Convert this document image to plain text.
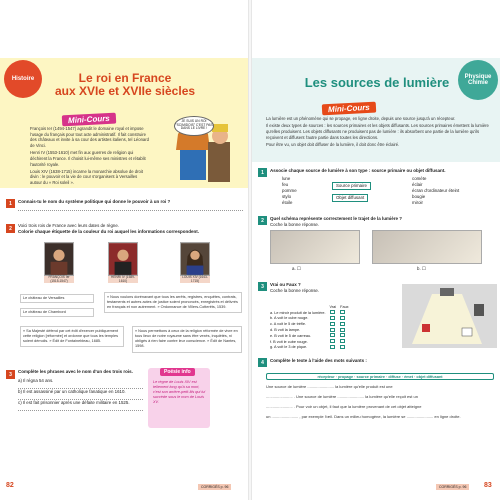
Histoire	Le roi en France
aux XVIe et XVIIe siècles
Mini-Cours

François Ier (1494-1547) agrandit le domaine royal et impose l'usage du français pour tout acte administratif. Il fait construire des châteaux et invite à sa cour des artistes italiens, tel Léonard de Vinci.

Henri IV (1553-1610) met fin aux guerres de religion qui déchirent la France. Il choisit lui-même ses ministres et rétablit l'autorité royale.

Louis XIV (1638-1715) incarne la monarchie absolue de droit divin : le pouvoir et la vie de cour s'organisent à Versailles autour du « Roi soleil ».

JE SUIS UN ROI "SCIMIDOIS" C'EST PAS DANS LE LIVRE !
1	Connais-tu le nom du système politique qui donne le pouvoir à un roi ?
2	Voici trois rois de France avec leurs dates de règne.
Colorie chaque étiquette de la couleur du roi auquel les informations correspondent.
FRANÇOIS Ier (1515-1547)
HENRI IV (1589-1610)
LOUIS XIV (1643-1715)
Le château de Versailles
Le château de Chambord
« Nous voulons dorénavant que tous les arrêts, registres, enquêtes, contrats, testaments et autres actes de justice soient prononcés, enregistrés et délivrés en français et non autrement. » Ordonnance de Villers-Cotterêts, 1539.
« Sa Majesté défend par cet édit d'exercer publiquement cette religion [réformée] et ordonne que tous les temples soient démolis. » Édit de Fontainebleau, 1685.
« Nous permettons à ceux de la religion réformée de vivre en tous lieux de notre royaume sans être vexés, inquiétés, ni obligés à rien faire contre leur conscience. » Édit de Nantes, 1598.
3	Complète les phrases avec le nom d'un des trois rois.
a) Il régna 54 ans.
b) Il est assassiné par un catholique fanatique en 1610.
c) Il est fait prisonnier après une défaite militaire en 1525.
Poésie info
Le règne de Louis XIV est tellement long qu'à sa mort, c'est son arrière-petit-fils qui lui succède sous le nom de Louis XV.
82	CORRIGÉS p. 96
Physique Chimie
Les sources de lumière
Mini-Cours

La lumière est un phénomène qui se propage, en ligne droite, depuis une source jusqu'à un récepteur.

Il existe deux types de sources : les sources primaires et les objets diffusants. Les sources primaires émettent la lumière qu'elles produisent. Les objets diffusants ne produisent pas de lumière : ils absorbent une partie de la lumière qu'ils reçoivent et diffusent l'autre partie dans toutes les directions.

Pour être vu, un objet doit diffuser de la lumière, il doit donc être éclairé.

1	Associe chaque source de lumière à son type : source primaire ou objet diffusant.
lune
feu
pomme
stylo
étoile
Source primaire
Objet diffusant
comète
éclair
écran d'ordinateur éteint
bougie
miroir
2	Quel schéma représente correctement le trajet de la lumière ?
Coche la bonne réponse.
a. ☐	b. ☐
3	Vrai ou Faux ?
Coche la bonne réponse.
	Vrai	Faux
a. Le miroir produit de la lumière.		
b. A voit le cube rouge.		
c. A voit le 5 de trèfle.		
d. B voit la lampe.		
e. B voit le 5 de carreau.		
f. B voit le cube rouge.		
g. A voit le 3 de pique.		
4	Complète le texte à l'aide des mots suivants :
récepteur · propage · source primaire · diffuse · émet · objet diffusant
Une source de lumière ........................ la lumière qu'elle produit est une
........................ . Une source de lumière ........................ la lumière qu'elle reçoit est un
........................ . Pour voir un objet, il faut que la lumière provenant de cet objet atteigne
un ........................ , par exemple l'œil. Dans un milieu homogène, la lumière se ........................ en ligne droite.
CORRIGÉS p. 96	83
